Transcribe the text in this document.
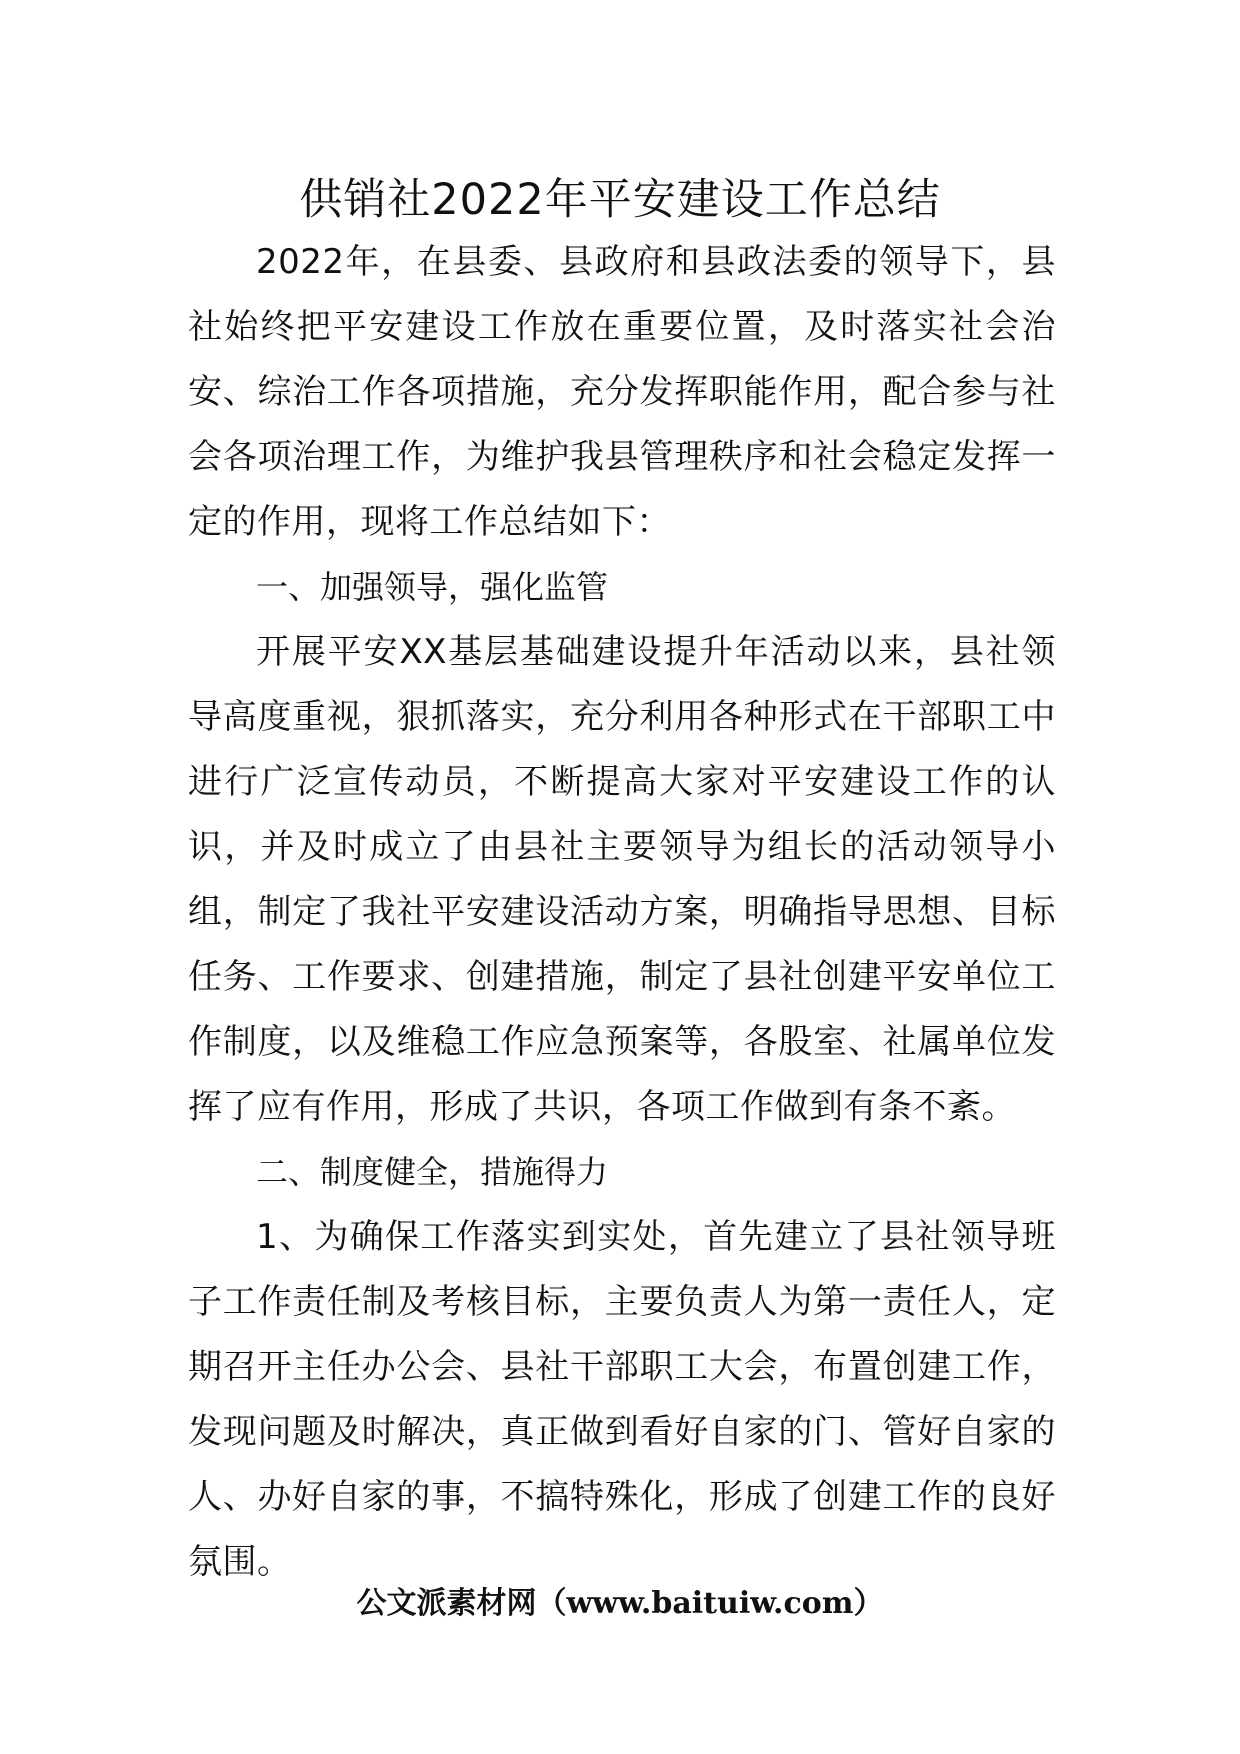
供销社2022年平安建设工作总结

2022年，在县委、县政府和县政法委的领导下，县社始终把平安建设工作放在重要位置，及时落实社会治安、综治工作各项措施，充分发挥职能作用，配合参与社会各项治理工作，为维护我县管理秩序和社会稳定发挥一定的作用，现将工作总结如下：

一、加强领导，强化监管

开展平安XX基层基础建设提升年活动以来，县社领导高度重视，狠抓落实，充分利用各种形式在干部职工中进行广泛宣传动员，不断提高大家对平安建设工作的认识，并及时成立了由县社主要领导为组长的活动领导小组，制定了我社平安建设活动方案，明确指导思想、目标任务、工作要求、创建措施，制定了县社创建平安单位工作制度，以及维稳工作应急预案等，各股室、社属单位发挥了应有作用，形成了共识，各项工作做到有条不紊。

二、制度健全，措施得力

1、为确保工作落实到实处，首先建立了县社领导班子工作责任制及考核目标，主要负责人为第一责任人，定期召开主任办公会、县社干部职工大会，布置创建工作，发现问题及时解决，真正做到看好自家的门、管好自家的人、办好自家的事，不搞特殊化，形成了创建工作的良好氛围。

公文派素材网（www.baituiw.com）
